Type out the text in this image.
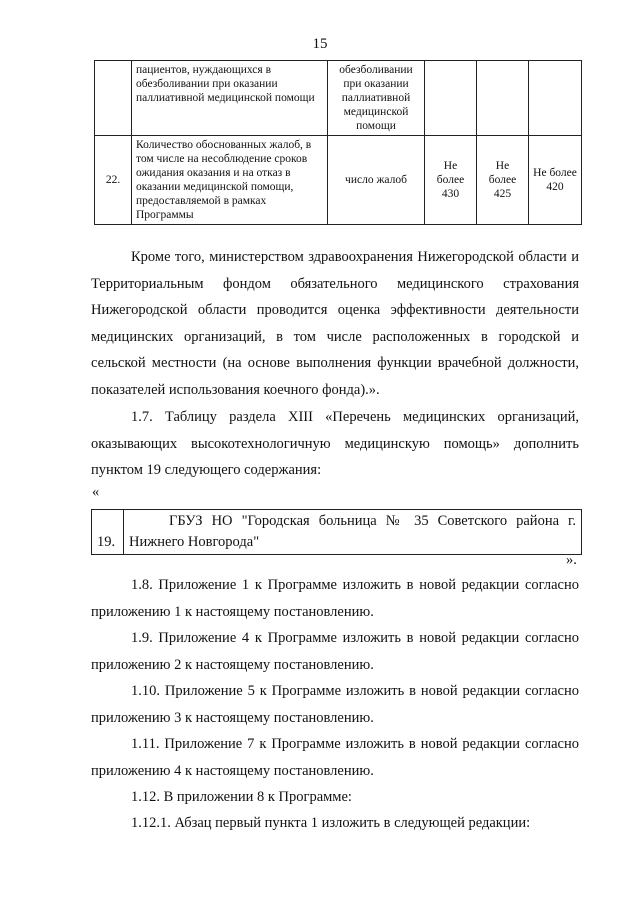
15
	пациентов, нуждающихся в обезболивании при оказании паллиативной медицинской помощи	обезболивании при оказании паллиативной медицинской помощи			
22.	Количество обоснованных жалоб, в том числе на несоблюдение сроков ожидания оказания и на отказ в оказании медицинской помощи, предоставляемой в рамках Программы	число жалоб	Не более 430	Не более 425	Не более 420
Кроме того, министерством здравоохранения Нижегородской области и Территориальным фондом обязательного медицинского страхования Нижегородской области проводится оценка эффективности деятельности медицинских организаций, в том числе расположенных в городской и сельской местности (на основе выполнения функции врачебной должности, показателей использования коечного фонда).».
1.7. Таблицу раздела XIII «Перечень медицинских организаций, оказывающих высокотехнологичную медицинскую помощь» дополнить пунктом 19 следующего содержания:
«
19.	ГБУЗ НО "Городская больница № 35 Советского района г. Нижнего Новгорода"
».
1.8. Приложение 1 к Программе изложить в новой редакции согласно приложению 1 к настоящему постановлению.
1.9. Приложение 4 к Программе изложить в новой редакции согласно приложению 2 к настоящему постановлению.
1.10. Приложение 5 к Программе изложить в новой редакции согласно приложению 3 к настоящему постановлению.
1.11. Приложение 7 к Программе изложить в новой редакции согласно приложению 4 к настоящему постановлению.
1.12. В приложении 8 к Программе:
1.12.1. Абзац первый пункта 1 изложить в следующей редакции:
